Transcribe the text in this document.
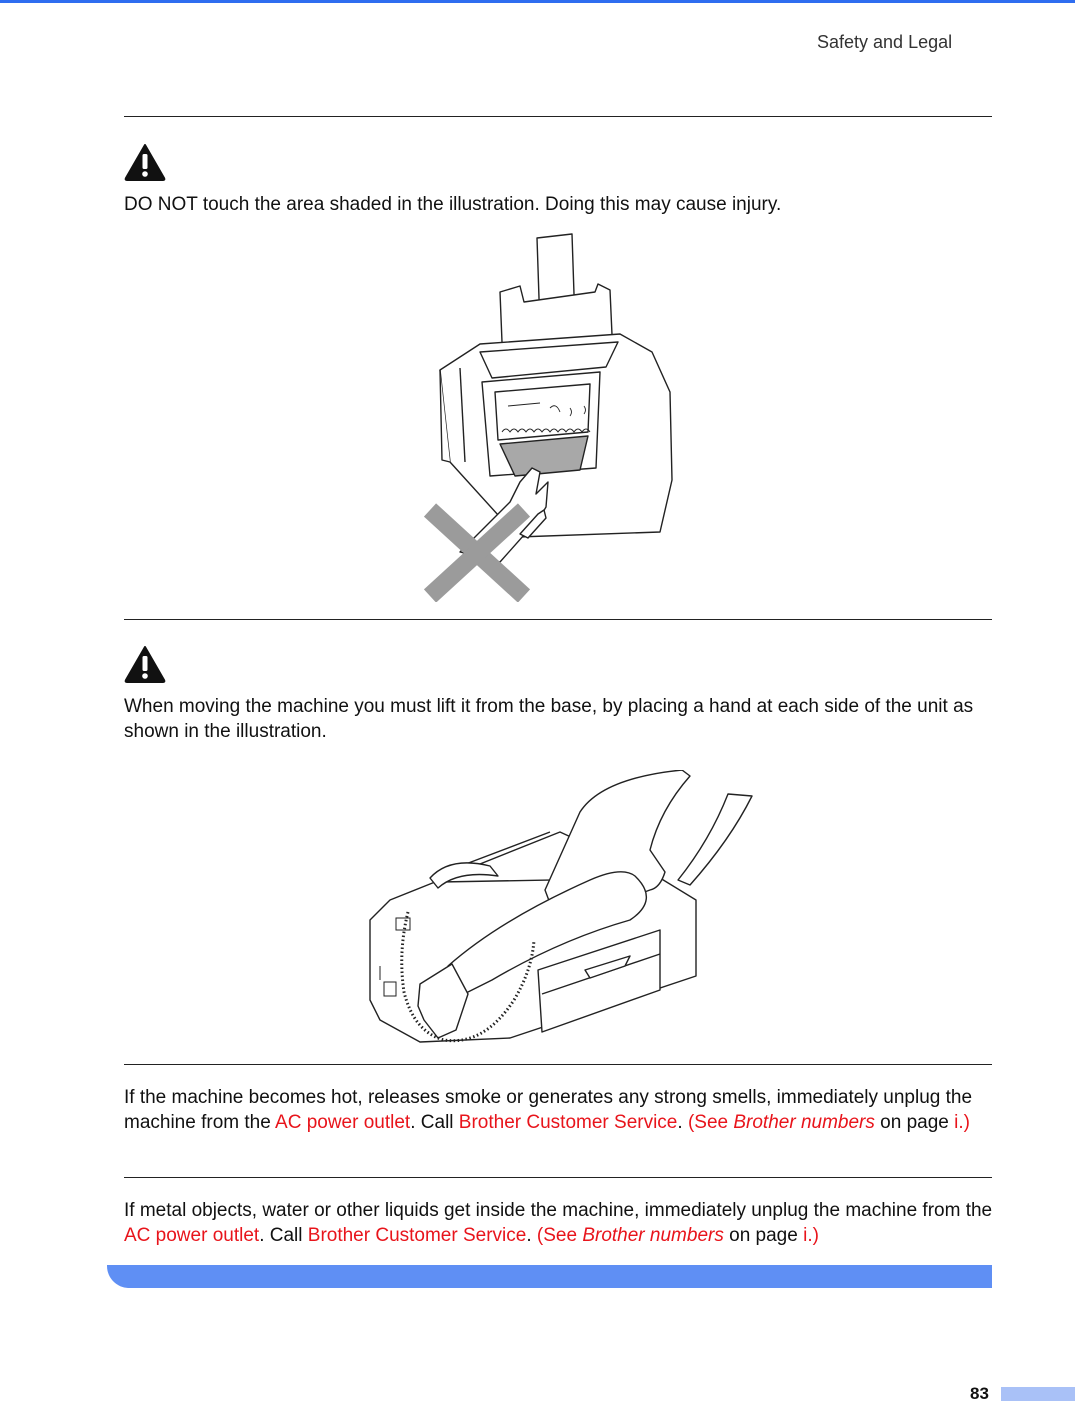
Safety and Legal
DO NOT touch the area shaded in the illustration. Doing this may cause injury.
When moving the machine you must lift it from the base, by placing a hand at each side of the unit as shown in the illustration.
If the machine becomes hot, releases smoke or generates any strong smells, immediately unplug the machine from the AC power outlet. Call Brother Customer Service. (See Brother numbers on page i.)
If metal objects, water or other liquids get inside the machine, immediately unplug the machine from the AC power outlet. Call Brother Customer Service. (See Brother numbers on page i.)
83
